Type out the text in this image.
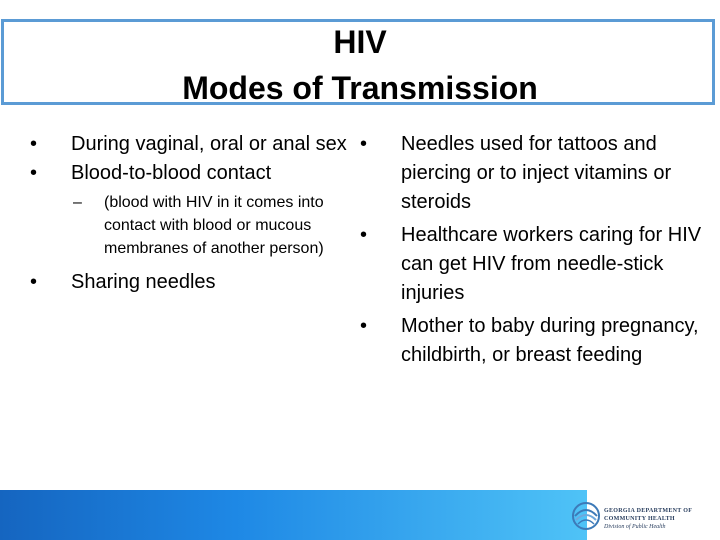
HIV
Modes of Transmission
•	During vaginal, oral or anal sex
•	Blood-to-blood contact
– (blood with HIV in it comes into contact with blood or mucous membranes of another person)
•	Sharing needles
•	Needles used for tattoos and piercing or to inject vitamins or steroids
•	Healthcare workers caring for HIV can get HIV from needle-stick injuries
•	Mother to baby during pregnancy, childbirth, or breast feeding
GEORGIA DEPARTMENT OF
COMMUNITY HEALTH
Division of Public Health
